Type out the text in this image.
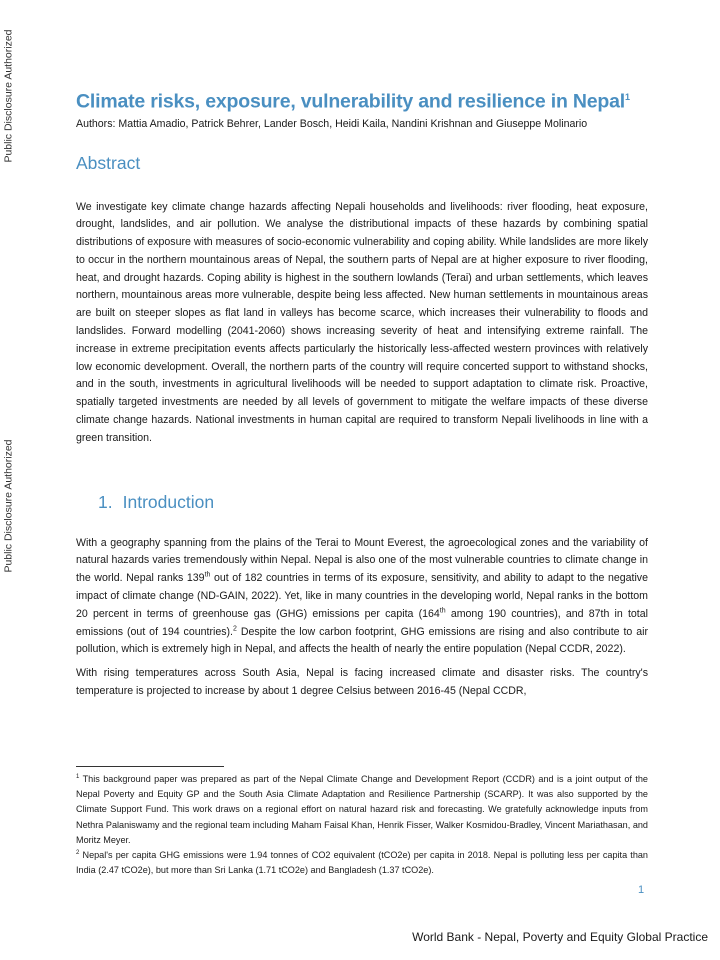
Public Disclosure Authorized
Public Disclosure Authorized
Climate risks, exposure, vulnerability and resilience in Nepal$^1$
Authors: Mattia Amadio, Patrick Behrer, Lander Bosch, Heidi Kaila, Nandini Krishnan and Giuseppe Molinario
Abstract
We investigate key climate change hazards affecting Nepali households and livelihoods: river flooding, heat exposure, drought, landslides, and air pollution. We analyse the distributional impacts of these hazards by combining spatial distributions of exposure with measures of socio-economic vulnerability and coping ability. While landslides are more likely to occur in the northern mountainous areas of Nepal, the southern parts of Nepal are at higher exposure to river flooding, heat, and drought hazards. Coping ability is highest in the southern lowlands (Terai) and urban settlements, which leaves northern, mountainous areas more vulnerable, despite being less affected. New human settlements in mountainous areas are built on steeper slopes as flat land in valleys has become scarce, which increases their vulnerability to floods and landslides. Forward modelling (2041-2060) shows increasing severity of heat and intensifying extreme rainfall. The increase in extreme precipitation events affects particularly the historically less-affected western provinces with relatively low economic development. Overall, the northern parts of the country will require concerted support to withstand shocks, and in the south, investments in agricultural livelihoods will be needed to support adaptation to climate risk. Proactive, spatially targeted investments are needed by all levels of government to mitigate the welfare impacts of these diverse climate change hazards. National investments in human capital are required to transform Nepali livelihoods in line with a green transition.
1. Introduction
With a geography spanning from the plains of the Terai to Mount Everest, the agroecological zones and the variability of natural hazards varies tremendously within Nepal. Nepal is also one of the most vulnerable countries to climate change in the world. Nepal ranks 139th out of 182 countries in terms of its exposure, sensitivity, and ability to adapt to the negative impact of climate change (ND-GAIN, 2022). Yet, like in many countries in the developing world, Nepal ranks in the bottom 20 percent in terms of greenhouse gas (GHG) emissions per capita (164th among 190 countries), and 87th in total emissions (out of 194 countries).$^2$ Despite the low carbon footprint, GHG emissions are rising and also contribute to air pollution, which is extremely high in Nepal, and affects the health of nearly the entire population (Nepal CCDR, 2022).
With rising temperatures across South Asia, Nepal is facing increased climate and disaster risks. The country's temperature is projected to increase by about 1 degree Celsius between 2016-45 (Nepal CCDR,
$^1$ This background paper was prepared as part of the Nepal Climate Change and Development Report (CCDR) and is a joint output of the Nepal Poverty and Equity GP and the South Asia Climate Adaptation and Resilience Partnership (SCARP). It was also supported by the Climate Support Fund. This work draws on a regional effort on natural hazard risk and forecasting. We gratefully acknowledge inputs from Nethra Palaniswamy and the regional team including Maham Faisal Khan, Henrik Fisser, Walker Kosmidou-Bradley, Vincent Mariathasan, and Moritz Meyer.
$^2$ Nepal's per capita GHG emissions were 1.94 tonnes of CO2 equivalent (tCO2e) per capita in 2018. Nepal is polluting less per capita than India (2.47 tCO2e), but more than Sri Lanka (1.71 tCO2e) and Bangladesh (1.37 tCO2e).
1
World Bank - Nepal, Poverty and Equity Global Practice
